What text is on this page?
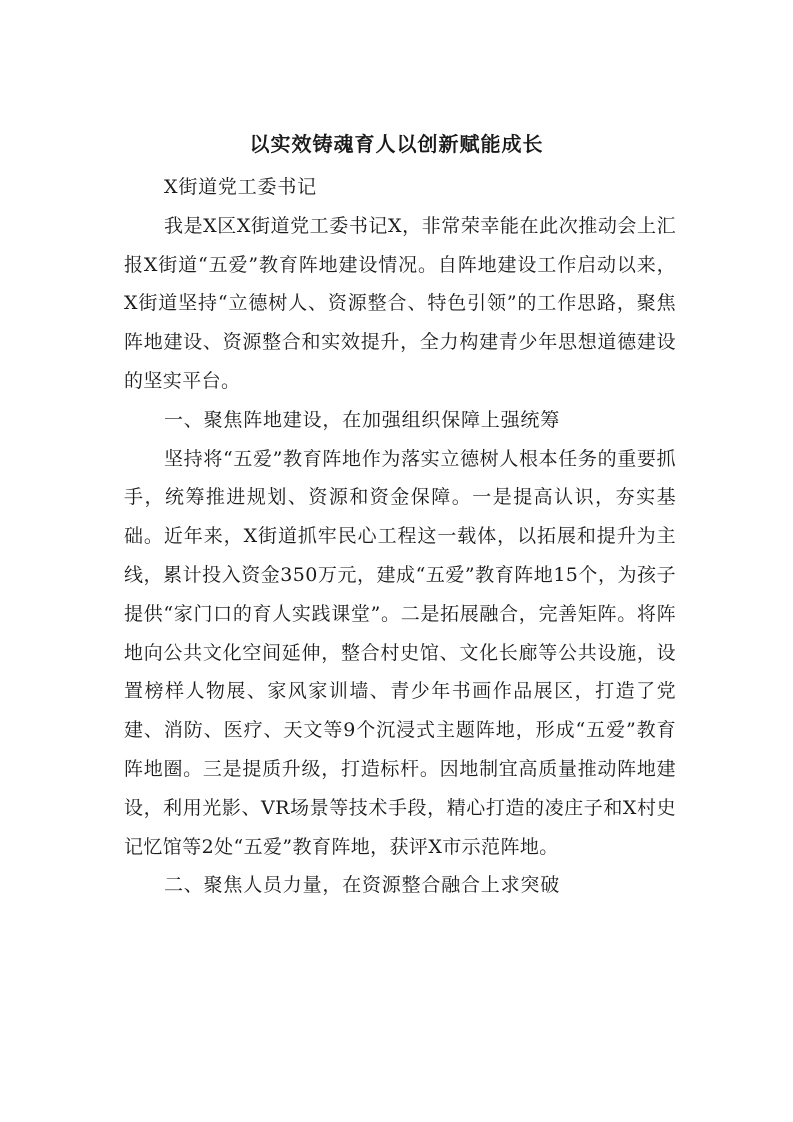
以实效铸魂育人以创新赋能成长

X街道党工委书记

我是X区X街道党工委书记X，非常荣幸能在此次推动会上汇报X街道“五爱”教育阵地建设情况。自阵地建设工作启动以来，X街道坚持“立德树人、资源整合、特色引领”的工作思路，聚焦阵地建设、资源整合和实效提升，全力构建青少年思想道德建设的坚实平台。

一、聚焦阵地建设，在加强组织保障上强统筹

坚持将“五爱”教育阵地作为落实立德树人根本任务的重要抓手，统筹推进规划、资源和资金保障。一是提高认识，夯实基础。近年来，X街道抓牢民心工程这一载体，以拓展和提升为主线，累计投入资金350万元，建成“五爱”教育阵地15个，为孩子提供“家门口的育人实践课堂”。二是拓展融合，完善矩阵。将阵地向公共文化空间延伸，整合村史馆、文化长廊等公共设施，设置榜样人物展、家风家训墙、青少年书画作品展区，打造了党建、消防、医疗、天文等9个沉浸式主题阵地，形成“五爱”教育阵地圈。三是提质升级，打造标杆。因地制宜高质量推动阵地建设，利用光影、VR场景等技术手段，精心打造的凌庄子和X村史记忆馆等2处“五爱”教育阵地，获评X市示范阵地。

二、聚焦人员力量，在资源整合融合上求突破
